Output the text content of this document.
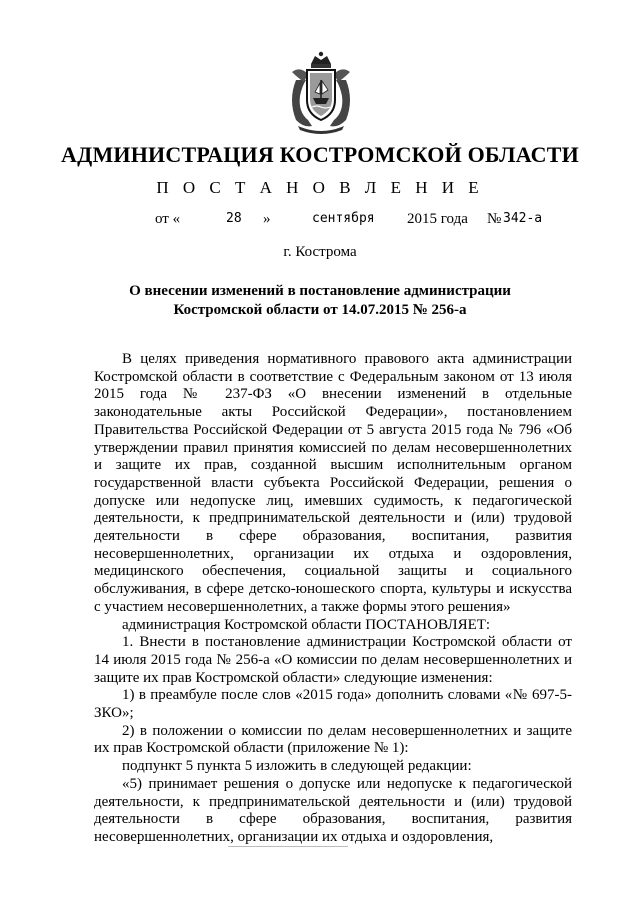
АДМИНИСТРАЦИЯ КОСТРОМСКОЙ ОБЛАСТИ
П О С Т А Н О В Л Е Н И Е
от «	28 »	сентября 2015 года № 342-а
г. Кострома
О внесении изменений в постановление администрации
Костромской области от 14.07.2015 № 256-а

В целях приведения нормативного правового акта администрации Костромской области в соответствие с Федеральным законом от 13 июля 2015 года № 237-ФЗ «О внесении изменений в отдельные законодательные акты Российской Федерации», постановлением Правительства Российской Федерации от 5 августа 2015 года № 796 «Об утверждении правил принятия комиссией по делам несовершеннолетних и защите их прав, созданной высшим исполнительным органом государственной власти субъекта Российской Федерации, решения о допуске или недопуске лиц, имевших судимость, к педагогической деятельности, к предпринимательской деятельности и (или) трудовой деятельности в сфере образования, воспитания, развития несовершеннолетних, организации их отдыха и оздоровления, медицинского обеспечения, социальной защиты и социального обслуживания, в сфере детско-юношеского спорта, культуры и искусства с участием несовершеннолетних, а также формы этого решения»

администрация Костромской области ПОСТАНОВЛЯЕТ:

1. Внести в постановление администрации Костромской области от 14 июля 2015 года № 256-а «О комиссии по делам несовершеннолетних и защите их прав Костромской области» следующие изменения:

1) в преамбуле после слов «2015 года» дополнить словами «№ 697-5-ЗКО»;

2) в положении о комиссии по делам несовершеннолетних и защите их прав Костромской области (приложение № 1):

подпункт 5 пункта 5 изложить в следующей редакции:

«5) принимает решения о допуске или недопуске к педагогической деятельности, к предпринимательской деятельности и (или) трудовой деятельности в сфере образования, воспитания, развития несовершеннолетних, организации их отдыха и оздоровления,
